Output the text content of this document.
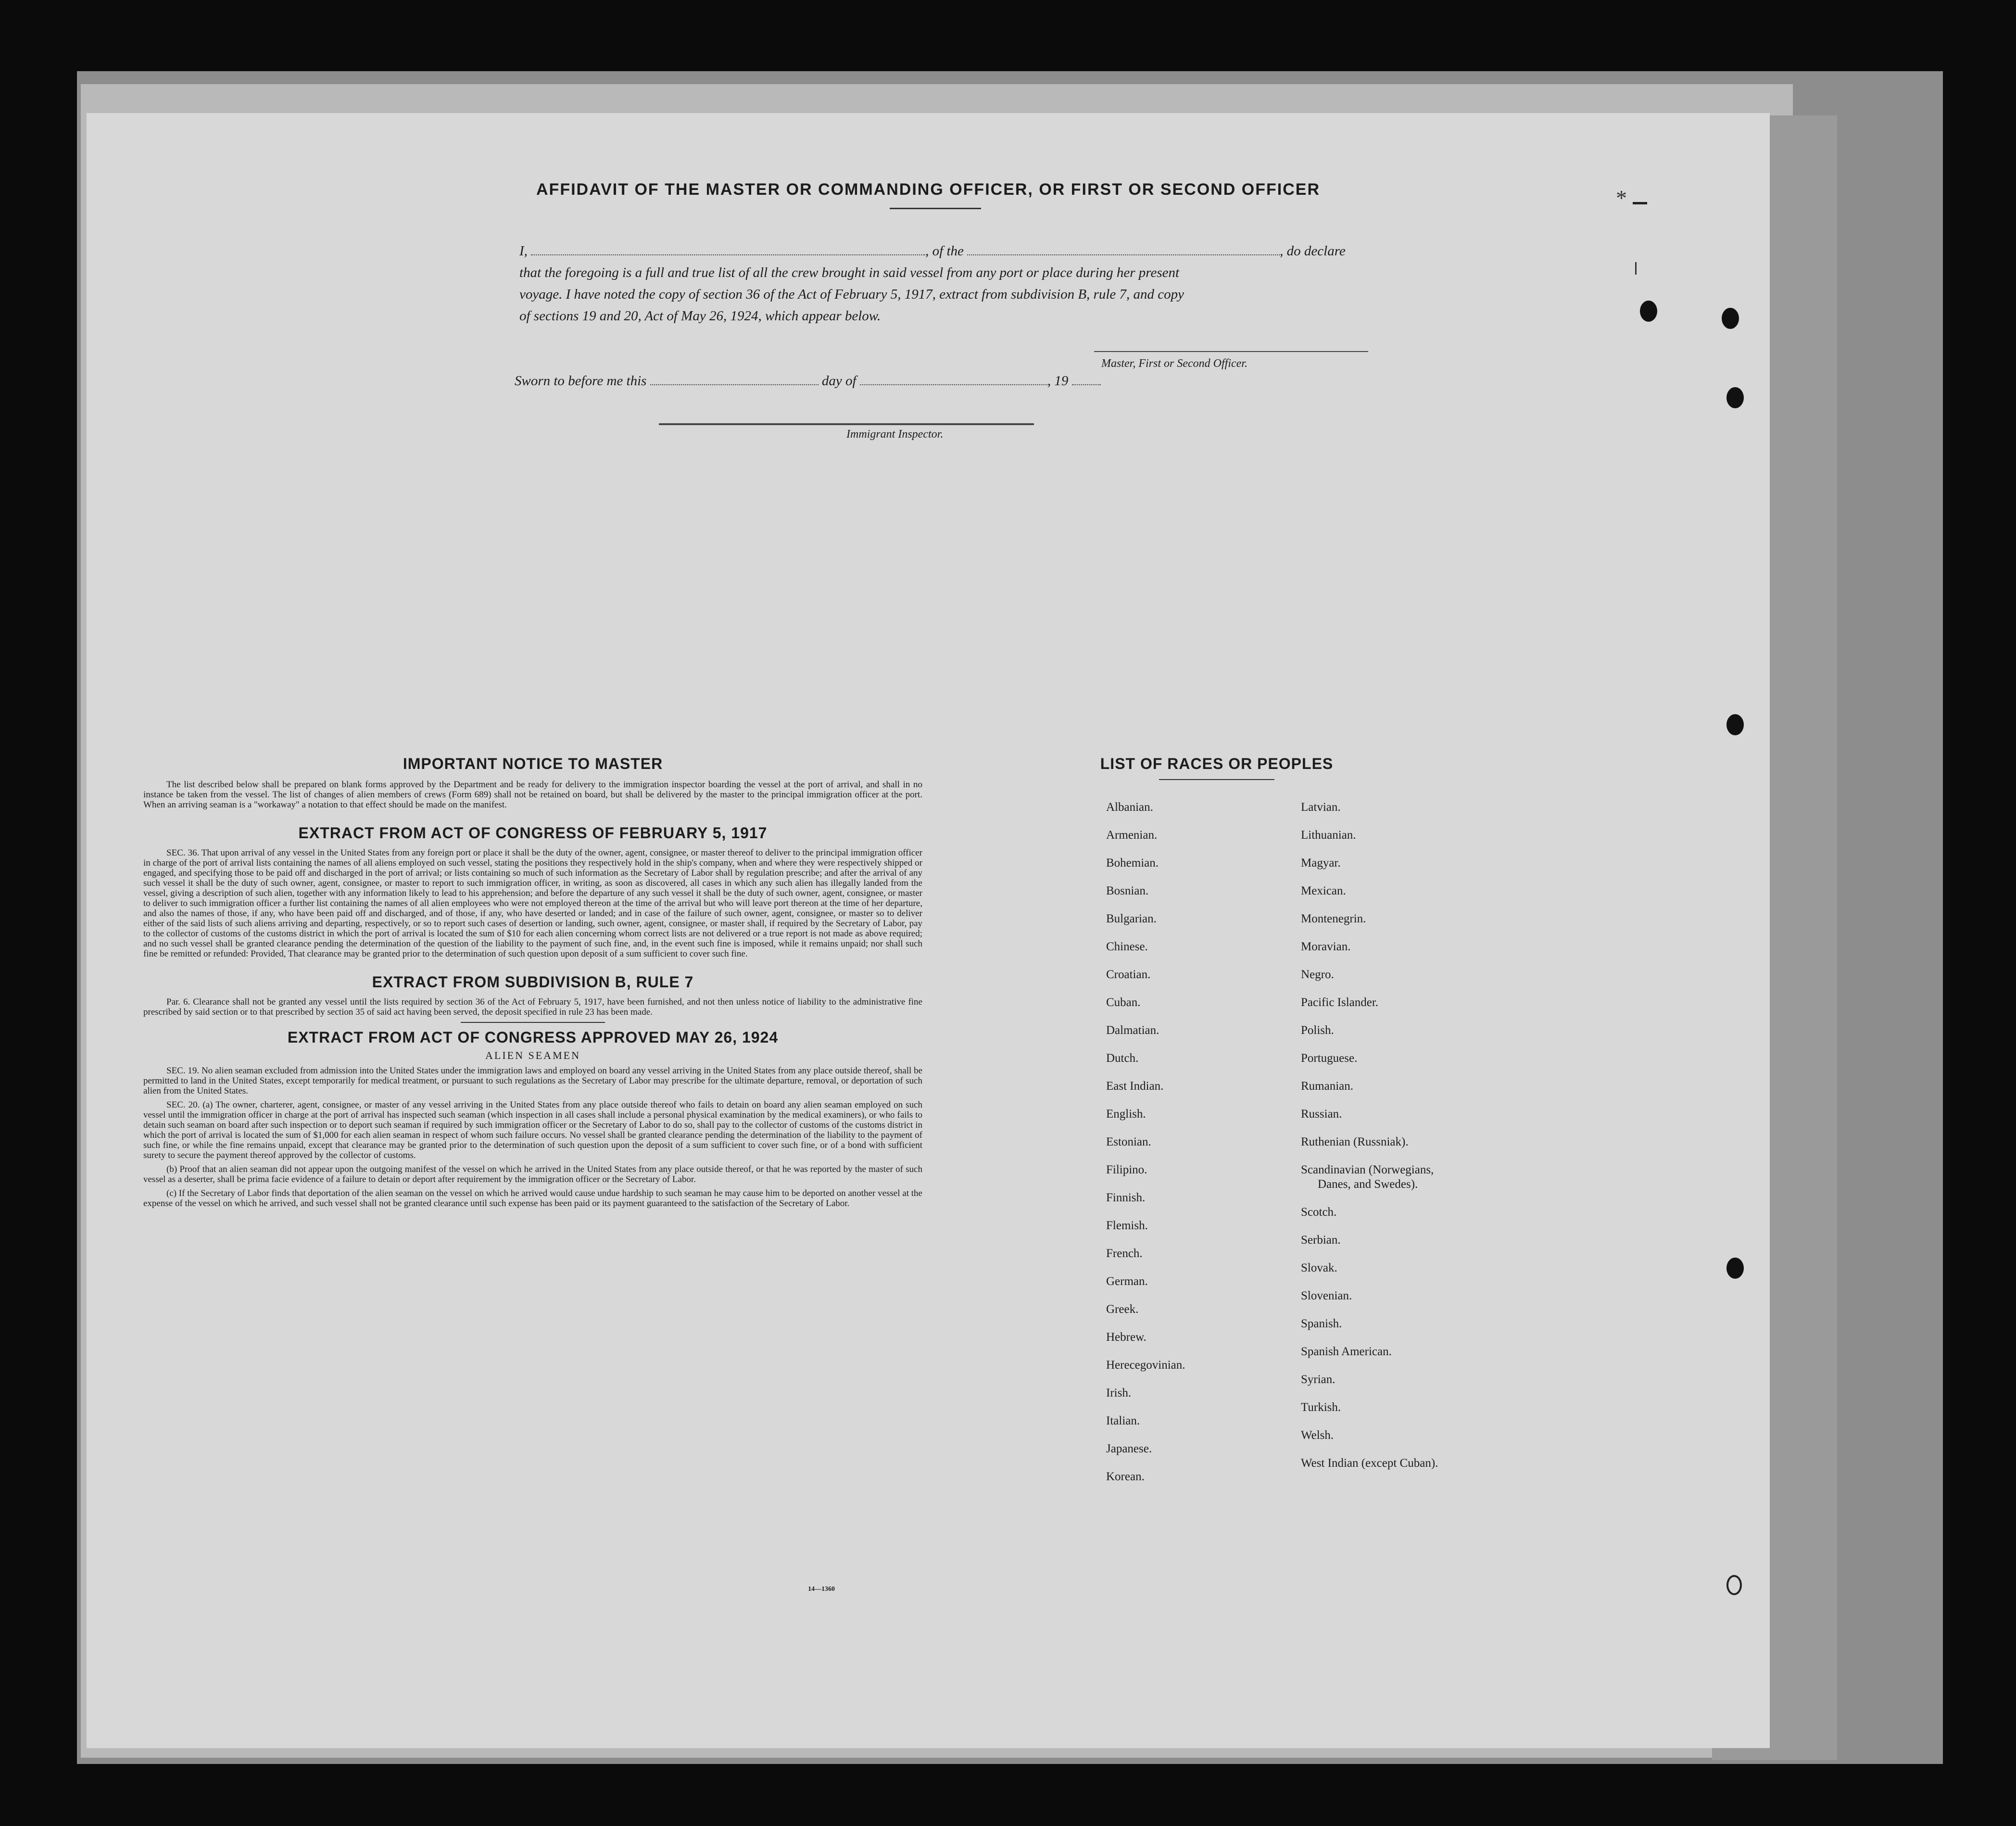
AFFIDAVIT OF THE MASTER OR COMMANDING OFFICER, OR FIRST OR SECOND OFFICER

I,	, of the	, do declare

that the foregoing is a full and true list of all the crew brought in said vessel from any port or place during her present

voyage. I have noted the copy of section 36 of the Act of February 5, 1917, extract from subdivision B, rule 7, and copy

of sections 19 and 20, Act of May 26, 1924, which appear below.

Master, First or Second Officer.
Sworn to before me this	day of	, 19
Immigrant Inspector.
IMPORTANT NOTICE TO MASTER

The list described below shall be prepared on blank forms approved by the Department and be ready for delivery to the immigration inspector boarding the vessel at the port of arrival, and shall in no instance be taken from the vessel. The list of changes of alien members of crews (Form 689) shall not be retained on board, but shall be delivered by the master to the principal immigration officer at the port. When an arriving seaman is a "workaway" a notation to that effect should be made on the manifest.

EXTRACT FROM ACT OF CONGRESS OF FEBRUARY 5, 1917

SEC. 36. That upon arrival of any vessel in the United States from any foreign port or place it shall be the duty of the owner, agent, consignee, or master thereof to deliver to the principal immigration officer in charge of the port of arrival lists containing the names of all aliens employed on such vessel, stating the positions they respectively hold in the ship's company, when and where they were respectively shipped or engaged, and specifying those to be paid off and discharged in the port of arrival; or lists containing so much of such information as the Secretary of Labor shall by regulation prescribe; and after the arrival of any such vessel it shall be the duty of such owner, agent, consignee, or master to report to such immigration officer, in writing, as soon as discovered, all cases in which any such alien has illegally landed from the vessel, giving a description of such alien, together with any information likely to lead to his apprehension; and before the departure of any such vessel it shall be the duty of such owner, agent, consignee, or master to deliver to such immigration officer a further list containing the names of all alien employees who were not employed thereon at the time of the arrival but who will leave port thereon at the time of her departure, and also the names of those, if any, who have been paid off and discharged, and of those, if any, who have deserted or landed; and in case of the failure of such owner, agent, consignee, or master so to deliver either of the said lists of such aliens arriving and departing, respectively, or so to report such cases of desertion or landing, such owner, agent, consignee, or master shall, if required by the Secretary of Labor, pay to the collector of customs of the customs district in which the port of arrival is located the sum of $10 for each alien concerning whom correct lists are not delivered or a true report is not made as above required; and no such vessel shall be granted clearance pending the determination of the question of the liability to the payment of such fine, and, in the event such fine is imposed, while it remains unpaid; nor shall such fine be remitted or refunded: Provided, That clearance may be granted prior to the determination of such question upon deposit of a sum sufficient to cover such fine.

EXTRACT FROM SUBDIVISION B, RULE 7

Par. 6. Clearance shall not be granted any vessel until the lists required by section 36 of the Act of February 5, 1917, have been furnished, and not then unless notice of liability to the administrative fine prescribed by said section or to that prescribed by section 35 of said act having been served, the deposit specified in rule 23 has been made.

EXTRACT FROM ACT OF CONGRESS APPROVED MAY 26, 1924
ALIEN SEAMEN

SEC. 19. No alien seaman excluded from admission into the United States under the immigration laws and employed on board any vessel arriving in the United States from any place outside thereof, shall be permitted to land in the United States, except temporarily for medical treatment, or pursuant to such regulations as the Secretary of Labor may prescribe for the ultimate departure, removal, or deportation of such alien from the United States.

SEC. 20. (a) The owner, charterer, agent, consignee, or master of any vessel arriving in the United States from any place outside thereof who fails to detain on board any alien seaman employed on such vessel until the immigration officer in charge at the port of arrival has inspected such seaman (which inspection in all cases shall include a personal physical examination by the medical examiners), or who fails to detain such seaman on board after such inspection or to deport such seaman if required by such immigration officer or the Secretary of Labor to do so, shall pay to the collector of customs of the customs district in which the port of arrival is located the sum of $1,000 for each alien seaman in respect of whom such failure occurs. No vessel shall be granted clearance pending the determination of the liability to the payment of such fine, or while the fine remains unpaid, except that clearance may be granted prior to the determination of such question upon the deposit of a sum sufficient to cover such fine, or of a bond with sufficient surety to secure the payment thereof approved by the collector of customs.

(b) Proof that an alien seaman did not appear upon the outgoing manifest of the vessel on which he arrived in the United States from any place outside thereof, or that he was reported by the master of such vessel as a deserter, shall be prima facie evidence of a failure to detain or deport after requirement by the immigration officer or the Secretary of Labor.

(c) If the Secretary of Labor finds that deportation of the alien seaman on the vessel on which he arrived would cause undue hardship to such seaman he may cause him to be deported on another vessel at the expense of the vessel on which he arrived, and such vessel shall not be granted clearance until such expense has been paid or its payment guaranteed to the satisfaction of the Secretary of Labor.

14—1360
LIST OF RACES OR PEOPLES
*
Albanian.
Armenian.
Bohemian.
Bosnian.
Bulgarian.
Chinese.
Croatian.
Cuban.
Dalmatian.
Dutch.
East Indian.
English.
Estonian.
Filipino.
Finnish.
Flemish.
French.
German.
Greek.
Hebrew.
Herecegovinian.
Irish.
Italian.
Japanese.
Korean.
Latvian.
Lithuanian.
Magyar.
Mexican.
Montenegrin.
Moravian.
Negro.
Pacific Islander.
Polish.
Portuguese.
Rumanian.
Russian.
Ruthenian (Russniak).
Scandinavian (Norwegians,
Danes, and Swedes).
Scotch.
Serbian.
Slovak.
Slovenian.
Spanish.
Spanish American.
Syrian.
Turkish.
Welsh.
West Indian (except Cuban).
